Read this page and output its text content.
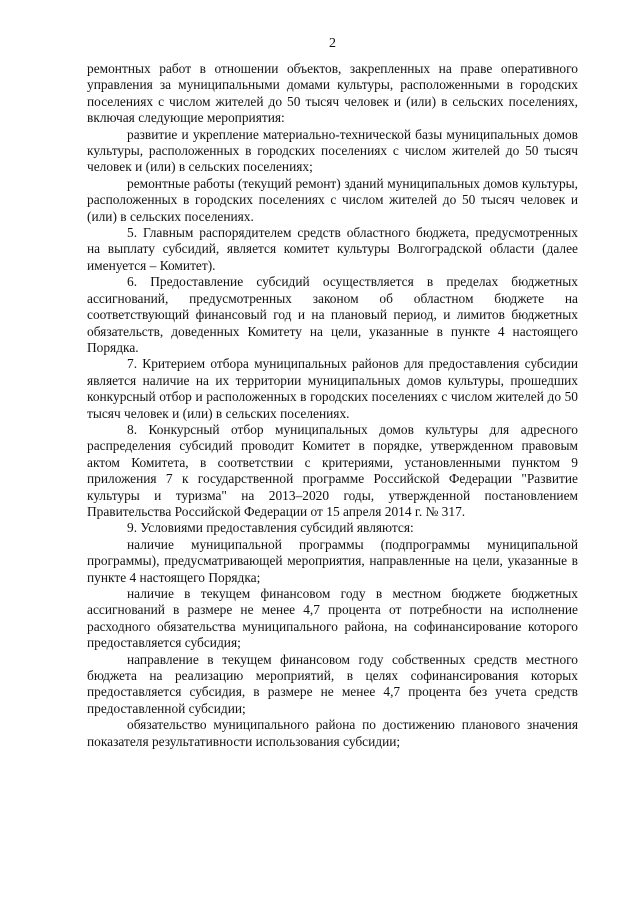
2

ремонтных работ в отношении объектов, закрепленных на праве оперативного управления за муниципальными домами культуры, расположенными в городских поселениях с числом жителей до 50 тысяч человек и (или) в сельских поселениях, включая следующие мероприятия:

развитие и укрепление материально-технической базы муниципальных домов культуры, расположенных в городских поселениях с числом жителей до 50 тысяч человек и (или) в сельских поселениях;

ремонтные работы (текущий ремонт) зданий муниципальных домов культуры, расположенных в городских поселениях с числом жителей до 50 тысяч человек и (или) в сельских поселениях.

5. Главным распорядителем средств областного бюджета, предусмотренных на выплату субсидий, является комитет культуры Волгоградской области (далее именуется – Комитет).

6. Предоставление субсидий осуществляется в пределах бюджетных ассигнований, предусмотренных законом об областном бюджете на соответствующий финансовый год и на плановый период, и лимитов бюджетных обязательств, доведенных Комитету на цели, указанные в пункте 4 настоящего Порядка.

7. Критерием отбора муниципальных районов для предоставления субсидии является наличие на их территории муниципальных домов культуры, прошедших конкурсный отбор и расположенных в городских поселениях с числом жителей до 50 тысяч человек и (или) в сельских поселениях.

8. Конкурсный отбор муниципальных домов культуры для адресного распределения субсидий проводит Комитет в порядке, утвержденном правовым актом Комитета, в соответствии с критериями, установленными пунктом 9 приложения 7 к государственной программе Российской Федерации "Развитие культуры и туризма" на 2013–2020 годы, утвержденной постановлением Правительства Российской Федерации от 15 апреля 2014 г. № 317.

9. Условиями предоставления субсидий являются:

наличие муниципальной программы (подпрограммы муниципальной программы), предусматривающей мероприятия, направленные на цели, указанные в пункте 4 настоящего Порядка;

наличие в текущем финансовом году в местном бюджете бюджетных ассигнований в размере не менее 4,7 процента от потребности на исполнение расходного обязательства муниципального района, на софинансирование которого предоставляется субсидия;

направление в текущем финансовом году собственных средств местного бюджета на реализацию мероприятий, в целях софинансирования которых предоставляется субсидия, в размере не менее 4,7 процента без учета средств предоставленной субсидии;

обязательство муниципального района по достижению планового значения показателя результативности использования субсидии;
